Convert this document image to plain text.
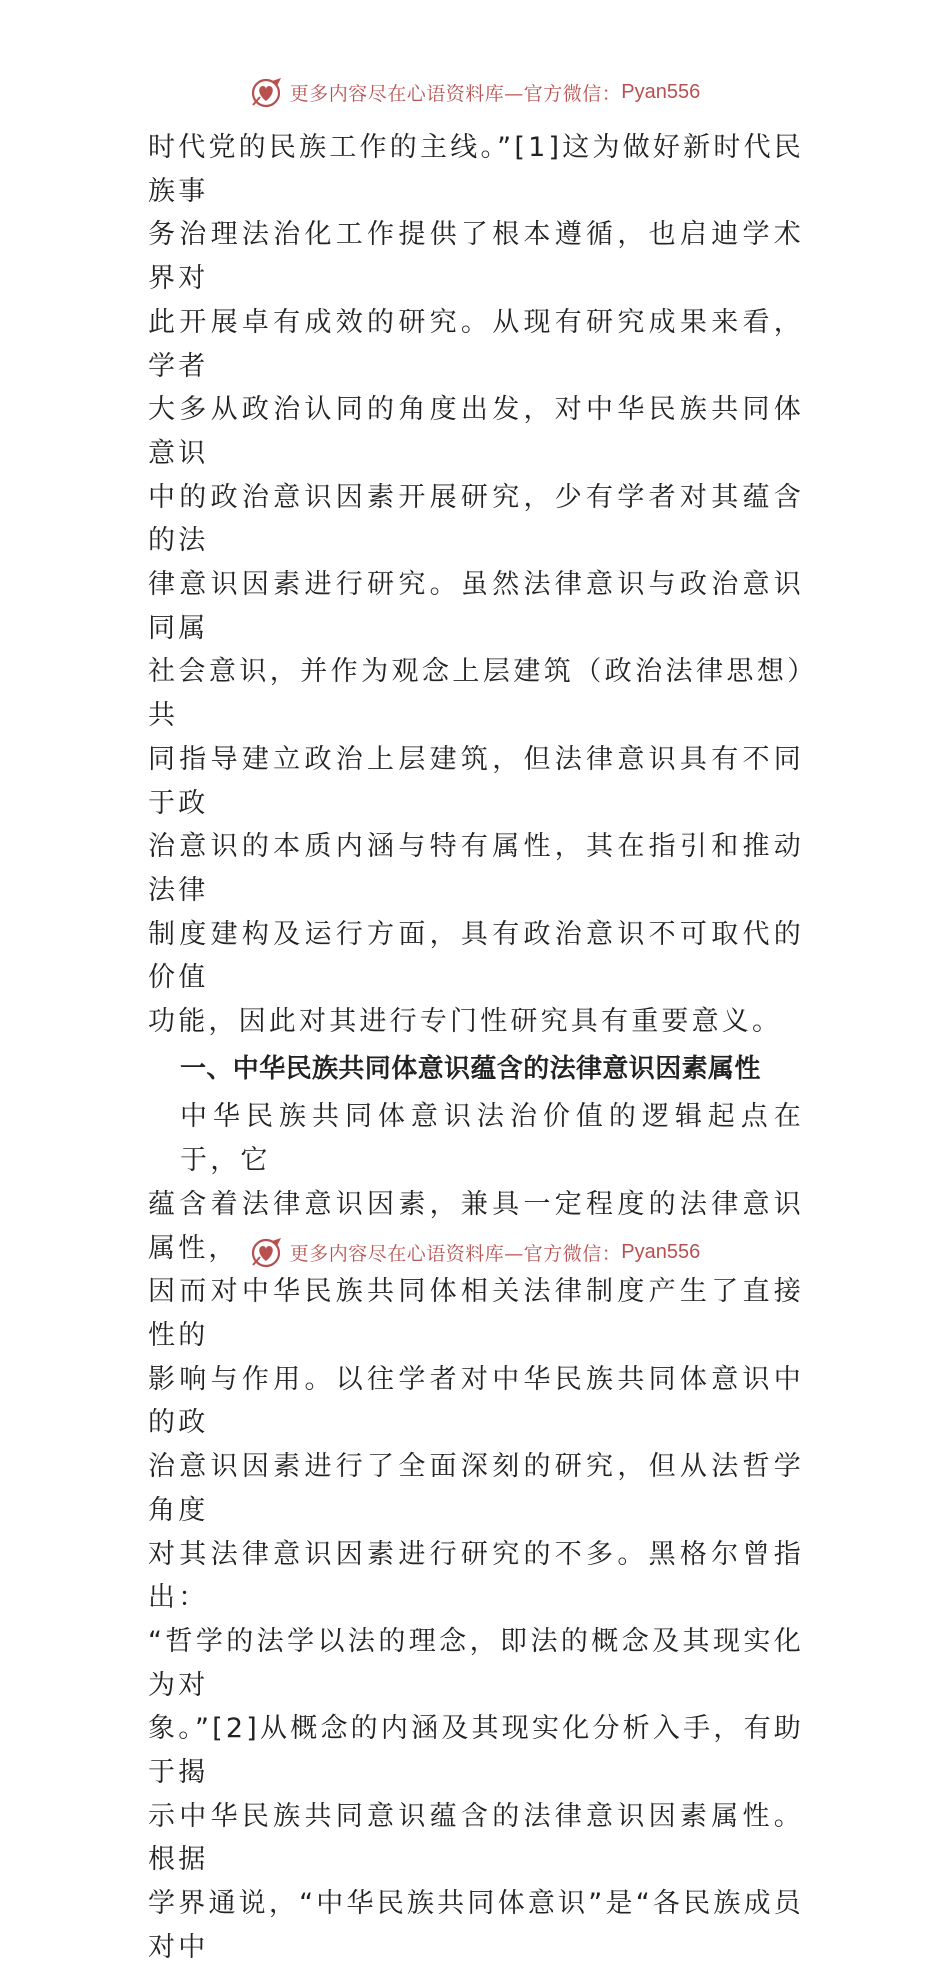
更多内容尽在心语资料库—官方微信： Pyan556
时代党的民族工作的主线。”[1]这为做好新时代民族事
务治理法治化工作提供了根本遵循，也启迪学术界对
此开展卓有成效的研究。从现有研究成果来看，学者
大多从政治认同的角度出发，对中华民族共同体意识
中的政治意识因素开展研究，少有学者对其蕴含的法
律意识因素进行研究。虽然法律意识与政治意识同属
社会意识，并作为观念上层建筑（政治法律思想）共
同指导建立政治上层建筑，但法律意识具有不同于政
治意识的本质内涵与特有属性，其在指引和推动法律
制度建构及运行方面，具有政治意识不可取代的价值
功能，因此对其进行专门性研究具有重要意义。
一、中华民族共同体意识蕴含的法律意识因素属性
中华民族共同体意识法治价值的逻辑起点在于，它
蕴含着法律意识因素，兼具一定程度的法律意识属性，
因而对中华民族共同体相关法律制度产生了直接性的
影响与作用。以往学者对中华民族共同体意识中的政
治意识因素进行了全面深刻的研究，但从法哲学角度
对其法律意识因素进行研究的不多。黑格尔曾指出：
“哲学的法学以法的理念，即法的概念及其现实化为对
象。”[2]从概念的内涵及其现实化分析入手，有助于揭
示中华民族共同意识蕴含的法律意识因素属性。根据
学界通说，“中华民族共同体意识”是“各民族成员对中
更多内容尽在心语资料库—官方微信： Pyan556
